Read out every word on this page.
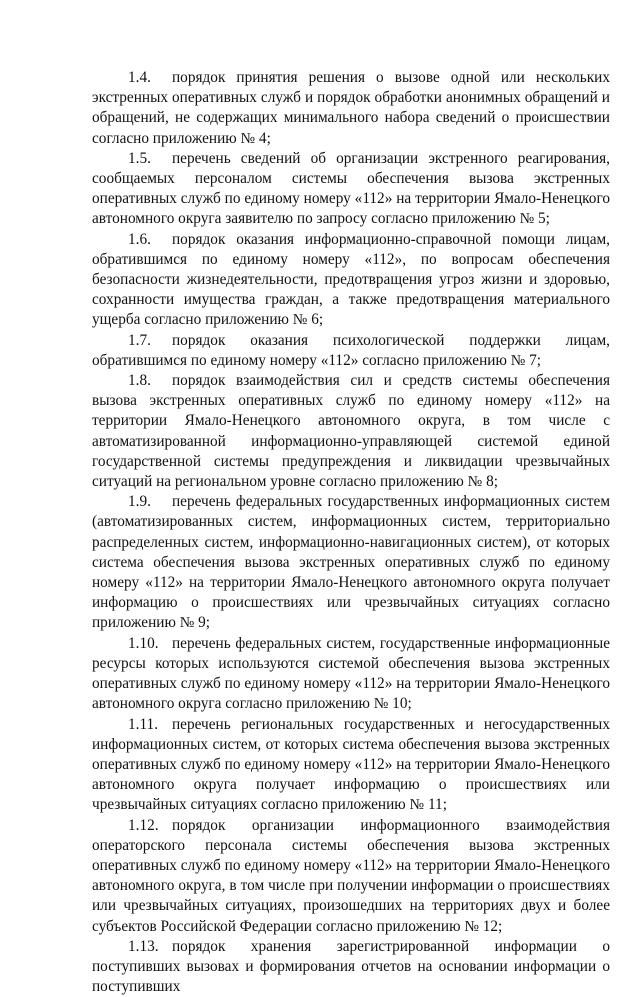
1.4. порядок принятия решения о вызове одной или нескольких экстренных оперативных служб и порядок обработки анонимных обращений и обращений, не содержащих минимального набора сведений о происшествии согласно приложению № 4;

1.5. перечень сведений об организации экстренного реагирования, сообщаемых персоналом системы обеспечения вызова экстренных оперативных служб по единому номеру «112» на территории Ямало-Ненецкого автономного округа заявителю по запросу согласно приложению № 5;

1.6. порядок оказания информационно-справочной помощи лицам, обратившимся по единому номеру «112», по вопросам обеспечения безопасности жизнедеятельности, предотвращения угроз жизни и здоровью, сохранности имущества граждан, а также предотвращения материального ущерба согласно приложению № 6;

1.7. порядок оказания психологической поддержки лицам, обратившимся по единому номеру «112» согласно приложению № 7;

1.8. порядок взаимодействия сил и средств системы обеспечения вызова экстренных оперативных служб по единому номеру «112» на территории Ямало-Ненецкого автономного округа, в том числе с автоматизированной информационно-управляющей системой единой государственной системы предупреждения и ликвидации чрезвычайных ситуаций на региональном уровне согласно приложению № 8;

1.9. перечень федеральных государственных информационных систем (автоматизированных систем, информационных систем, территориально распределенных систем, информационно-навигационных систем), от которых система обеспечения вызова экстренных оперативных служб по единому номеру «112» на территории Ямало-Ненецкого автономного округа получает информацию о происшествиях или чрезвычайных ситуациях согласно приложению № 9;

1.10. перечень федеральных систем, государственные информационные ресурсы которых используются системой обеспечения вызова экстренных оперативных служб по единому номеру «112» на территории Ямало-Ненецкого автономного округа согласно приложению № 10;

1.11. перечень региональных государственных и негосударственных информационных систем, от которых система обеспечения вызова экстренных оперативных служб по единому номеру «112» на территории Ямало-Ненецкого автономного округа получает информацию о происшествиях или чрезвычайных ситуациях согласно приложению № 11;

1.12. порядок организации информационного взаимодействия операторского персонала системы обеспечения вызова экстренных оперативных служб по единому номеру «112» на территории Ямало-Ненецкого автономного округа, в том числе при получении информации о происшествиях или чрезвычайных ситуациях, произошедших на территориях двух и более субъектов Российской Федерации согласно приложению № 12;

1.13. порядок хранения зарегистрированной информации о поступивших вызовах и формирования отчетов на основании информации о поступивших
